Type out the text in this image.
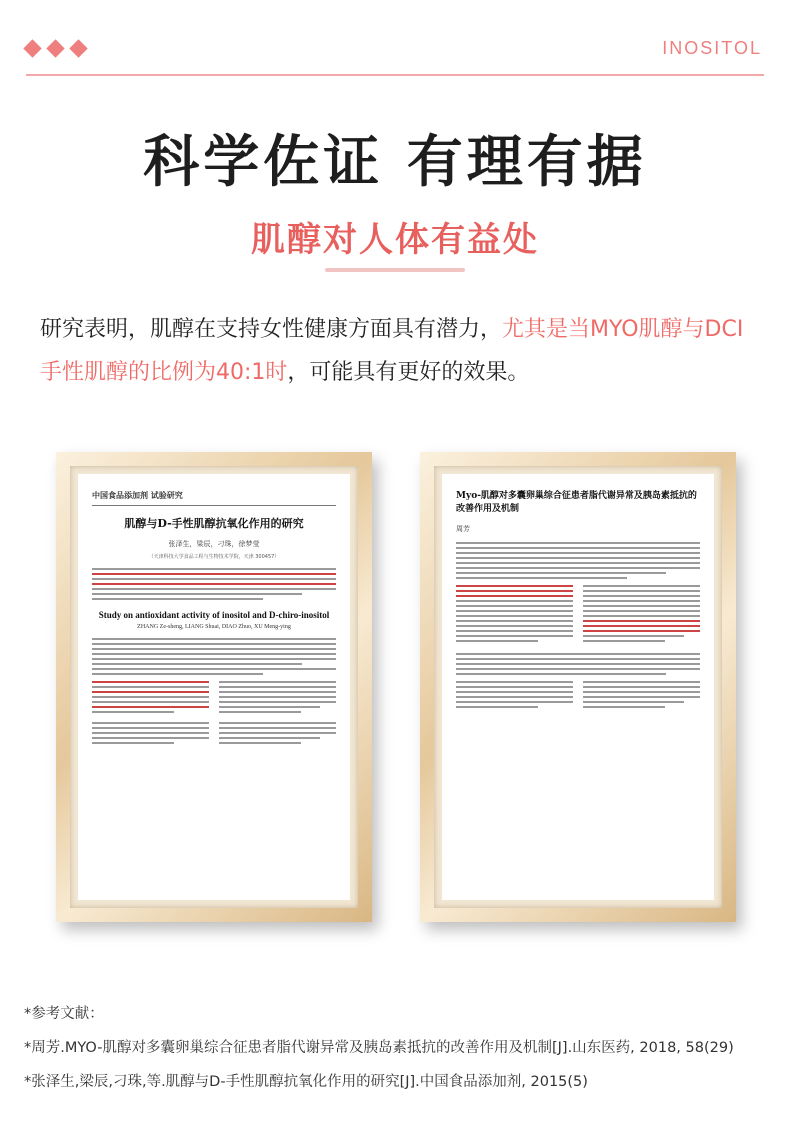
INOSITOL
科学佐证 有理有据
肌醇对人体有益处
研究表明，肌醇在支持女性健康方面具有潜力，尤其是当MYO肌醇与DCI手性肌醇的比例为40:1时，可能具有更好的效果。
中国食品添加剂 试验研究
肌醇与D-手性肌醇抗氧化作用的研究
张泽生，梁辰，刁珠，徐梦莹
（天津科技大学食品工程与生物技术学院，天津 300457）
Study on antioxidant activity of inositol and D-chiro-inositol
ZHANG Ze-sheng, LIANG Shuai, DIAO Zhuo, XU Meng-ying
Myo-肌醇对多囊卵巢综合征患者脂代谢异常及胰岛素抵抗的改善作用及机制
周芳
*参考文献：
*周芳.MYO-肌醇对多囊卵巢综合征患者脂代谢异常及胰岛素抵抗的改善作用及机制[J].山东医药, 2018, 58(29)
*张泽生,梁辰,刁珠,等.肌醇与D-手性肌醇抗氧化作用的研究[J].中国食品添加剂, 2015(5)
